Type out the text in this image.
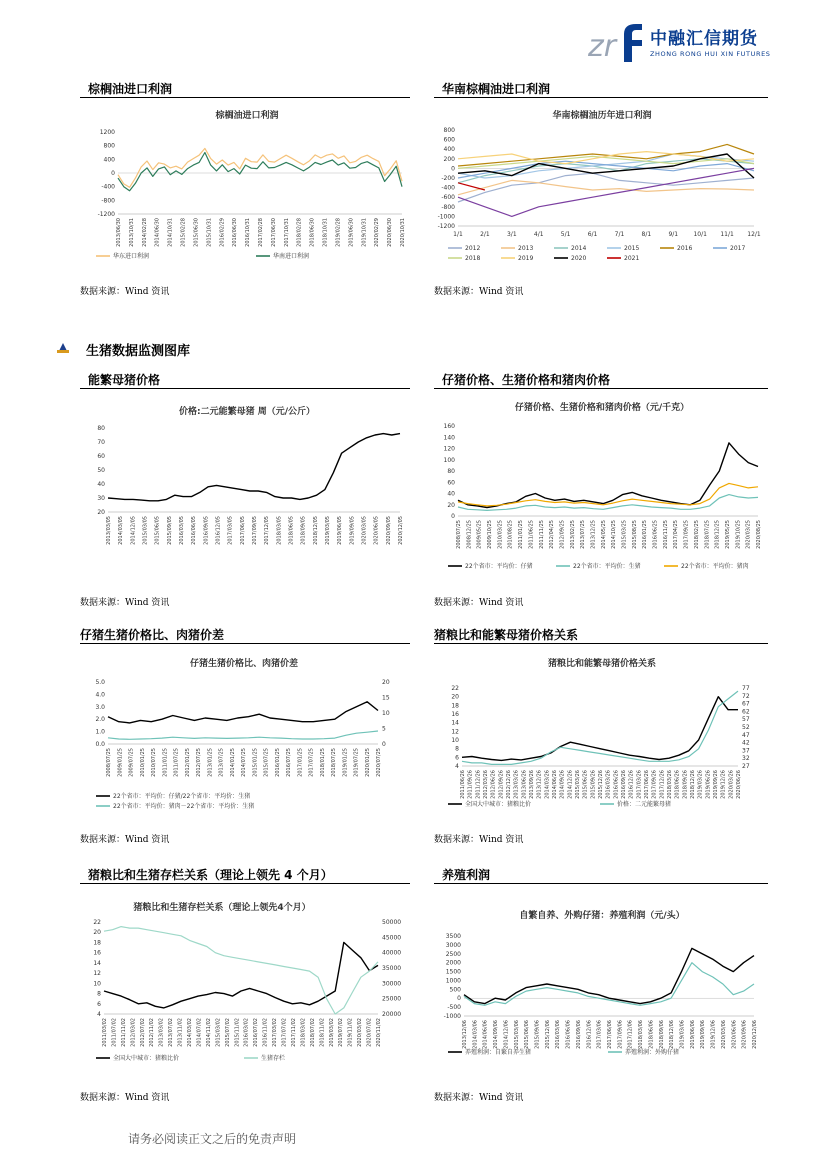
zr 中融汇信期货
ZHONG RONG HUI XIN FUTURES
棕榈油进口利润	华南棕榈油进口利润
棕榈油进口利润
1200
800
400
0
-400
-800
-1200
2013/06/30 2013/10/31 2014/02/28 2014/06/30 2014/10/31 2015/02/28 2015/06/30 2015/10/31 2016/02/29 2016/06/30 2016/10/31 2017/02/28 2017/06/30 2017/10/31 2018/02/28 2018/06/30 2018/10/31 2019/02/28 2019/06/30 2019/10/31 2020/02/29 2020/06/30 2020/10/31
华东进口利润	华南进口利润
华南棕榈油历年进口利润
800
600
400
200
0
-200
-400
-600
-800
-1000
-1200
1/1	2/1	3/1	4/1	5/1	6/1	7/1	8/1	9/1	10/1 11/1 12/1
2012	2013	2014	2015	2016	2017
2018	2019	2020	2021
数据来源：Wind 资讯	数据来源：Wind 资讯
生猪数据监测图库
能繁母猪价格	仔猪价格、生猪价格和猪肉价格
价格:二元能繁母猪 周（元/公斤）
80
70
60
50
40
30
20
2013/03/05 2014/03/05 2014/12/05 2015/03/05 2015/06/05 2015/09/05 2016/03/05 2016/06/05 2016/09/05 2016/12/05 2017/03/05 2017/06/05 2017/09/05 2017/12/05 2018/03/05 2018/06/05 2018/09/05 2018/12/05 2019/03/05 2019/06/05 2019/09/05 2020/03/05 2020/06/05 2020/09/05 2020/12/05
仔猪价格、生猪价格和猪肉价格（元/千克）
160
140
120
100
80
60
40
20
0
2008/07/25 2008/12/25 2009/05/25 2009/10/25 2010/03/25 2010/08/25 2011/01/25 2011/06/25 2011/11/25 2012/04/25 2012/09/25 2013/02/25 2013/07/25 2013/12/25 2014/05/25 2014/10/25 2015/03/25 2015/08/25 2016/01/25 2016/06/25 2016/11/25 2017/04/25 2017/09/25 2018/02/25 2018/07/25 2018/12/25 2019/05/25 2019/10/25 2020/03/25 2020/08/25
22个省市：平均价：仔猪	22个省市：平均价：生猪	22个省市：平均价：猪肉
数据来源：Wind 资讯	数据来源：Wind 资讯
仔猪生猪价格比、肉猪价差	猪粮比和能繁母猪价格关系
仔猪生猪价格比、肉猪价差
5.0
4.0
3.0
2.0
1.0
0.0
20
15
10
5
0
2008/07/25 2009/01/25 2009/07/25 2010/01/25 2010/07/25 2011/01/25 2011/07/25 2012/01/25 2012/07/25 2013/01/25 2013/07/25 2014/01/25 2014/07/25 2015/01/25 2015/07/25 2016/01/25 2016/07/25 2017/01/25 2017/07/25 2018/01/25 2018/07/25 2019/01/25 2019/07/25 2020/01/25 2020/07/25
22个省市：平均价：仔猪/22个省市：平均价：生猪
22个省市：平均价：猪肉－22个省市：平均价：生猪
猪粮比和能繁母猪价格关系
22
20
18
16
14
12
10
8
6
4
77
72
67
62
57
52
47
42
37
32
27
2011/06/26 2011/09/26 2011/12/26 2012/03/26 2012/06/26 2012/09/26 2012/12/26 2013/03/26 2013/06/26 2013/09/26 2013/12/26 2014/03/26 2014/06/26 2014/09/26 2014/12/26 2015/03/26 2015/06/26 2015/09/26 2015/12/26 2016/03/26 2016/06/26 2016/09/26 2016/12/26 2017/03/26 2017/06/26 2017/09/26 2017/12/26 2018/03/26 2018/06/26 2018/09/26 2018/12/26 2019/03/26 2019/06/26 2019/09/26 2019/12/26 2020/03/26 2020/06/26
全国大中城市：猪粮比价	价格：二元能繁母猪
数据来源：Wind 资讯	数据来源：Wind 资讯
猪粮比和生猪存栏关系（理论上领先 4 个月）	养殖利润
猪粮比和生猪存栏关系（理论上领先4个月）
22
20
18
16
14
12
10
8
6
4
50000
45000
40000
35000
30000
25000
20000
2011/03/02 2011/07/02 2011/11/02 2012/03/02 2012/07/02 2012/11/02 2013/03/02 2013/07/02 2013/11/02 2014/03/02 2014/07/02 2014/11/02 2015/03/02 2015/07/02 2015/11/02 2016/03/02 2016/07/02 2016/11/02 2017/03/02 2017/07/02 2017/11/02 2018/03/02 2018/07/02 2018/11/02 2019/03/02 2019/07/02 2019/11/02 2020/03/02 2020/07/02 2020/11/02
全国大中城市：猪粮比价	生猪存栏
自繁自养、外购仔猪：养殖利润（元/头）
3500
3000
2500
2000
1500
1000
500
0
-500
-1000
2013/12/06 2014/03/06 2014/06/06 2014/09/06 2014/12/06 2015/03/06 2015/06/06 2015/09/06 2015/12/06 2016/03/06 2016/06/06 2016/09/06 2016/12/06 2017/03/06 2017/06/06 2017/09/06 2017/12/06 2018/03/06 2018/06/06 2018/09/06 2018/12/06 2019/03/06 2019/06/06 2019/09/06 2019/12/06 2020/03/06 2020/06/06 2020/09/06 2020/12/06
养殖利润：自繁自养生猪	养殖利润：外购仔猪
数据来源：Wind 资讯	数据来源：Wind 资讯
请务必阅读正文之后的免责声明
